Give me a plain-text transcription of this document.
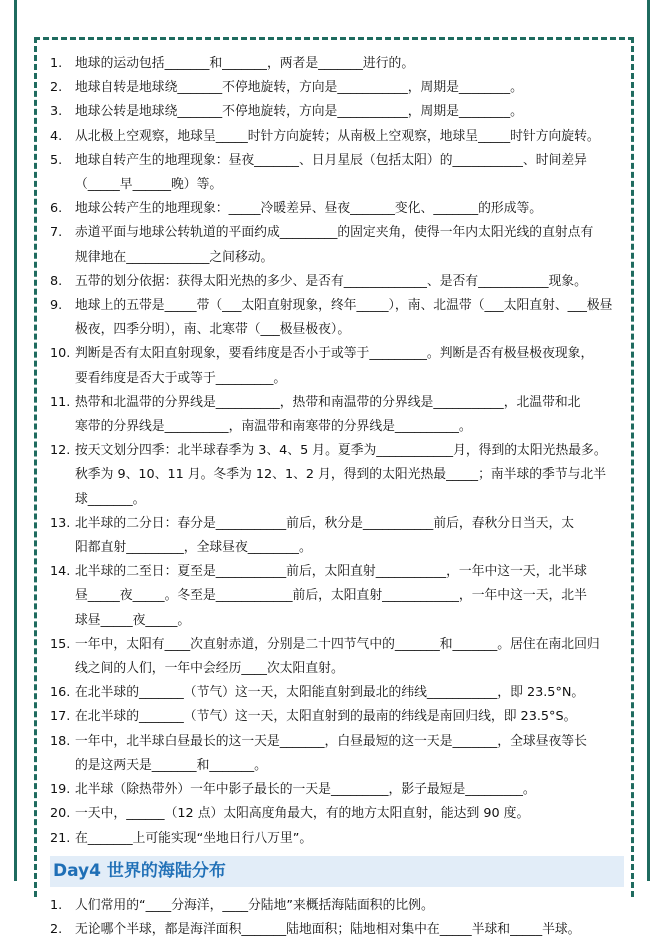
1. 地球的运动包括_______和_______，两者是_______进行的。
2. 地球自转是地球绕_______不停地旋转，方向是___________，周期是________。
3. 地球公转是地球绕_______不停地旋转，方向是___________，周期是________。
4. 从北极上空观察，地球呈_____时针方向旋转；从南极上空观察，地球呈_____时针方向旋转。
5. 地球自转产生的地理现象：昼夜_______、日月星辰（包括太阳）的___________、时间差异
（_____早______晚）等。
6. 地球公转产生的地理现象：_____冷暖差异、昼夜_______变化、_______的形成等。
7. 赤道平面与地球公转轨道的平面约成_________的固定夹角，使得一年内太阳光线的直射点有
规律地在_____________之间移动。
8. 五带的划分依据：获得太阳光热的多少、是否有_____________、是否有___________现象。
9. 地球上的五带是_____带（___太阳直射现象，终年_____），南、北温带（___太阳直射、___极昼
极夜，四季分明），南、北寒带（___极昼极夜）。
10. 判断是否有太阳直射现象，要看纬度是否小于或等于_________。判断是否有极昼极夜现象，
要看纬度是否大于或等于_________。
11. 热带和北温带的分界线是__________，热带和南温带的分界线是___________，北温带和北
寒带的分界线是__________，南温带和南寒带的分界线是__________。
12. 按天文划分四季：北半球春季为 3、4、5 月。夏季为____________月，得到的太阳光热最多。
秋季为 9、10、11 月。冬季为 12、1、2 月，得到的太阳光热最_____；南半球的季节与北半
球_______。
13. 北半球的二分日：春分是___________前后，秋分是___________前后，春秋分日当天，太
阳都直射_________，全球昼夜________。
14. 北半球的二至日：夏至是___________前后，太阳直射___________，一年中这一天，北半球
昼_____夜_____。冬至是____________前后，太阳直射____________，一年中这一天，北半
球昼_____夜_____。
15. 一年中，太阳有____次直射赤道，分别是二十四节气中的_______和_______。居住在南北回归
线之间的人们，一年中会经历____次太阳直射。
16. 在北半球的_______（节气）这一天，太阳能直射到最北的纬线___________，即 23.5°N。
17. 在北半球的_______（节气）这一天，太阳直射到的最南的纬线是南回归线，即 23.5°S。
18. 一年中，北半球白昼最长的这一天是_______，白昼最短的这一天是_______，全球昼夜等长
的是这两天是_______和_______。
19. 北半球（除热带外）一年中影子最长的一天是_________，影子最短是_________。
20. 一天中，______（12 点）太阳高度角最大，有的地方太阳直射，能达到 90 度。
21. 在_______上可能实现“坐地日行八万里”。
Day4 世界的海陆分布
1. 人们常用的“____分海洋，____分陆地”来概括海陆面积的比例。
2. 无论哪个半球，都是海洋面积_______陆地面积；陆地相对集中在_____半球和_____半球。
